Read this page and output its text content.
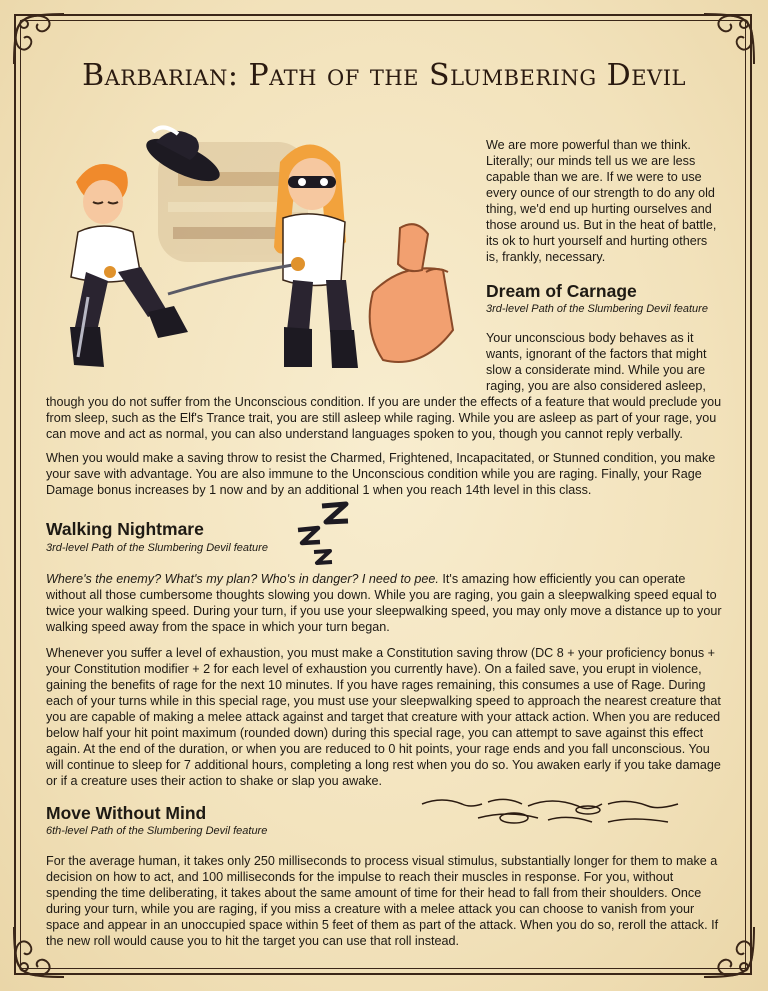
Barbarian: Path of the Slumbering Devil

We are more powerful than we think. Literally; our minds tell us we are less capable than we are. If we were to use every ounce of our strength to do any old thing, we'd end up hurting ourselves and those around us. But in the heat of battle, its ok to hurt yourself and hurting others is, frankly, necessary.

Dream of Carnage

3rd-level Path of the Slumbering Devil feature

Your unconscious body behaves as it

wants, ignorant of the factors that might

slow a considerate mind. While you are

raging, you are also considered asleep,

though you do not suffer from the Unconscious condition. If you are under the effects of a feature that would preclude you

from sleep, such as the Elf's Trance trait, you are still asleep while raging. While you are asleep as part of your rage, you

can move and act as normal, you can also understand languages spoken to you, though you cannot reply verbally.

When you would make a saving throw to resist the Charmed, Frightened, Incapacitated, or Stunned condition, you make your save with advantage. You are also immune to the Unconscious condition while you are raging. Finally, your Rage Damage bonus increases by 1 now and by an additional 1 when you reach 14th level in this class.

Walking Nightmare

3rd-level Path of the Slumbering Devil feature

Where's the enemy? What's my plan? Who's in danger? I need to pee. It's amazing how efficiently you can operate without all those cumbersome thoughts slowing you down. While you are raging, you gain a sleepwalking speed equal to twice your walking speed. During your turn, if you use your sleepwalking speed, you may only move a distance up to your walking speed away from the space in which your turn began.

Whenever you suffer a level of exhaustion, you must make a Constitution saving throw (DC 8 + your proficiency bonus + your Constitution modifier + 2 for each level of exhaustion you currently have). On a failed save, you erupt in violence, gaining the benefits of rage for the next 10 minutes. If you have rages remaining, this consumes a use of Rage. During each of your turns while in this special rage, you must use your sleepwalking speed to approach the nearest creature that you are capable of making a melee attack against and target that creature with your attack action. When you are reduced below half your hit point maximum (rounded down) during this special rage, you can attempt to save against this effect again. At the end of the duration, or when you are reduced to 0 hit points, your rage ends and you fall unconscious. You will continue to sleep for 7 additional hours, completing a long rest when you do so. You awaken early if you take damage or if a creature uses their action to shake or slap you awake.

Move Without Mind

6th-level Path of the Slumbering Devil feature

For the average human, it takes only 250 milliseconds to process visual stimulus, substantially longer for them to make a decision on how to act, and 100 milliseconds for the impulse to reach their muscles in response. For you, without spending the time deliberating, it takes about the same amount of time for their head to fall from their shoulders. Once during your turn, while you are raging, if you miss a creature with a melee attack you can choose to vanish from your space and appear in an unoccupied space within 5 feet of them as part of the attack. When you do so, reroll the attack. If the new roll would cause you to hit the target you can use that roll instead.
